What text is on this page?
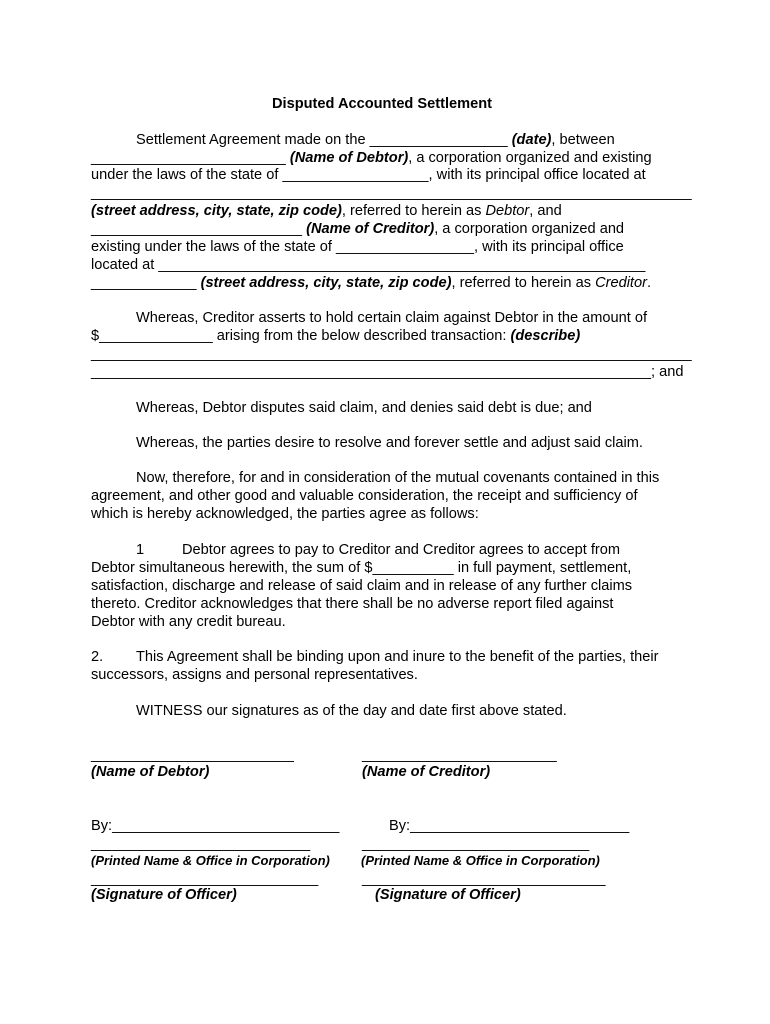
Disputed Accounted Settlement
Settlement Agreement made on the _________________ (date), between
________________________ (Name of Debtor), a corporation organized and existing
under the laws of the state of __________________, with its principal office located at
__________________________________________________________________________
(street address, city, state, zip code), referred to herein as Debtor, and
__________________________ (Name of Creditor), a corporation organized and
existing under the laws of the state of _________________, with its principal office
located at ____________________________________________________________
_____________ (street address, city, state, zip code), referred to herein as Creditor.
Whereas, Creditor asserts to hold certain claim against Debtor in the amount of
$______________ arising from the below described transaction: (describe)
__________________________________________________________________________
_____________________________________________________________________; and
Whereas, Debtor disputes said claim, and denies said debt is due; and
Whereas, the parties desire to resolve and forever settle and adjust said claim.
Now, therefore, for and in consideration of the mutual covenants contained in this
agreement, and other good and valuable consideration, the receipt and sufficiency of
which is hereby acknowledged, the parties agree as follows:
1	Debtor agrees to pay to Creditor and Creditor agrees to accept from
Debtor simultaneous herewith, the sum of $__________ in full payment, settlement,
satisfaction, discharge and release of said claim and in release of any further claims
thereto. Creditor acknowledges that there shall be no adverse report filed against
Debtor with any credit bureau.
2. This Agreement shall be binding upon and inure to the benefit of the parties, their
successors, assigns and personal representatives.
WITNESS our signatures as of the day and date first above stated.
_________________________	________________________
(Name of Debtor)	(Name of Creditor)
By:____________________________	By:___________________________
___________________________	____________________________
(Printed Name & Office in Corporation) (Printed Name & Office in Corporation)
____________________________	______________________________
(Signature of Officer)	(Signature of Officer)
